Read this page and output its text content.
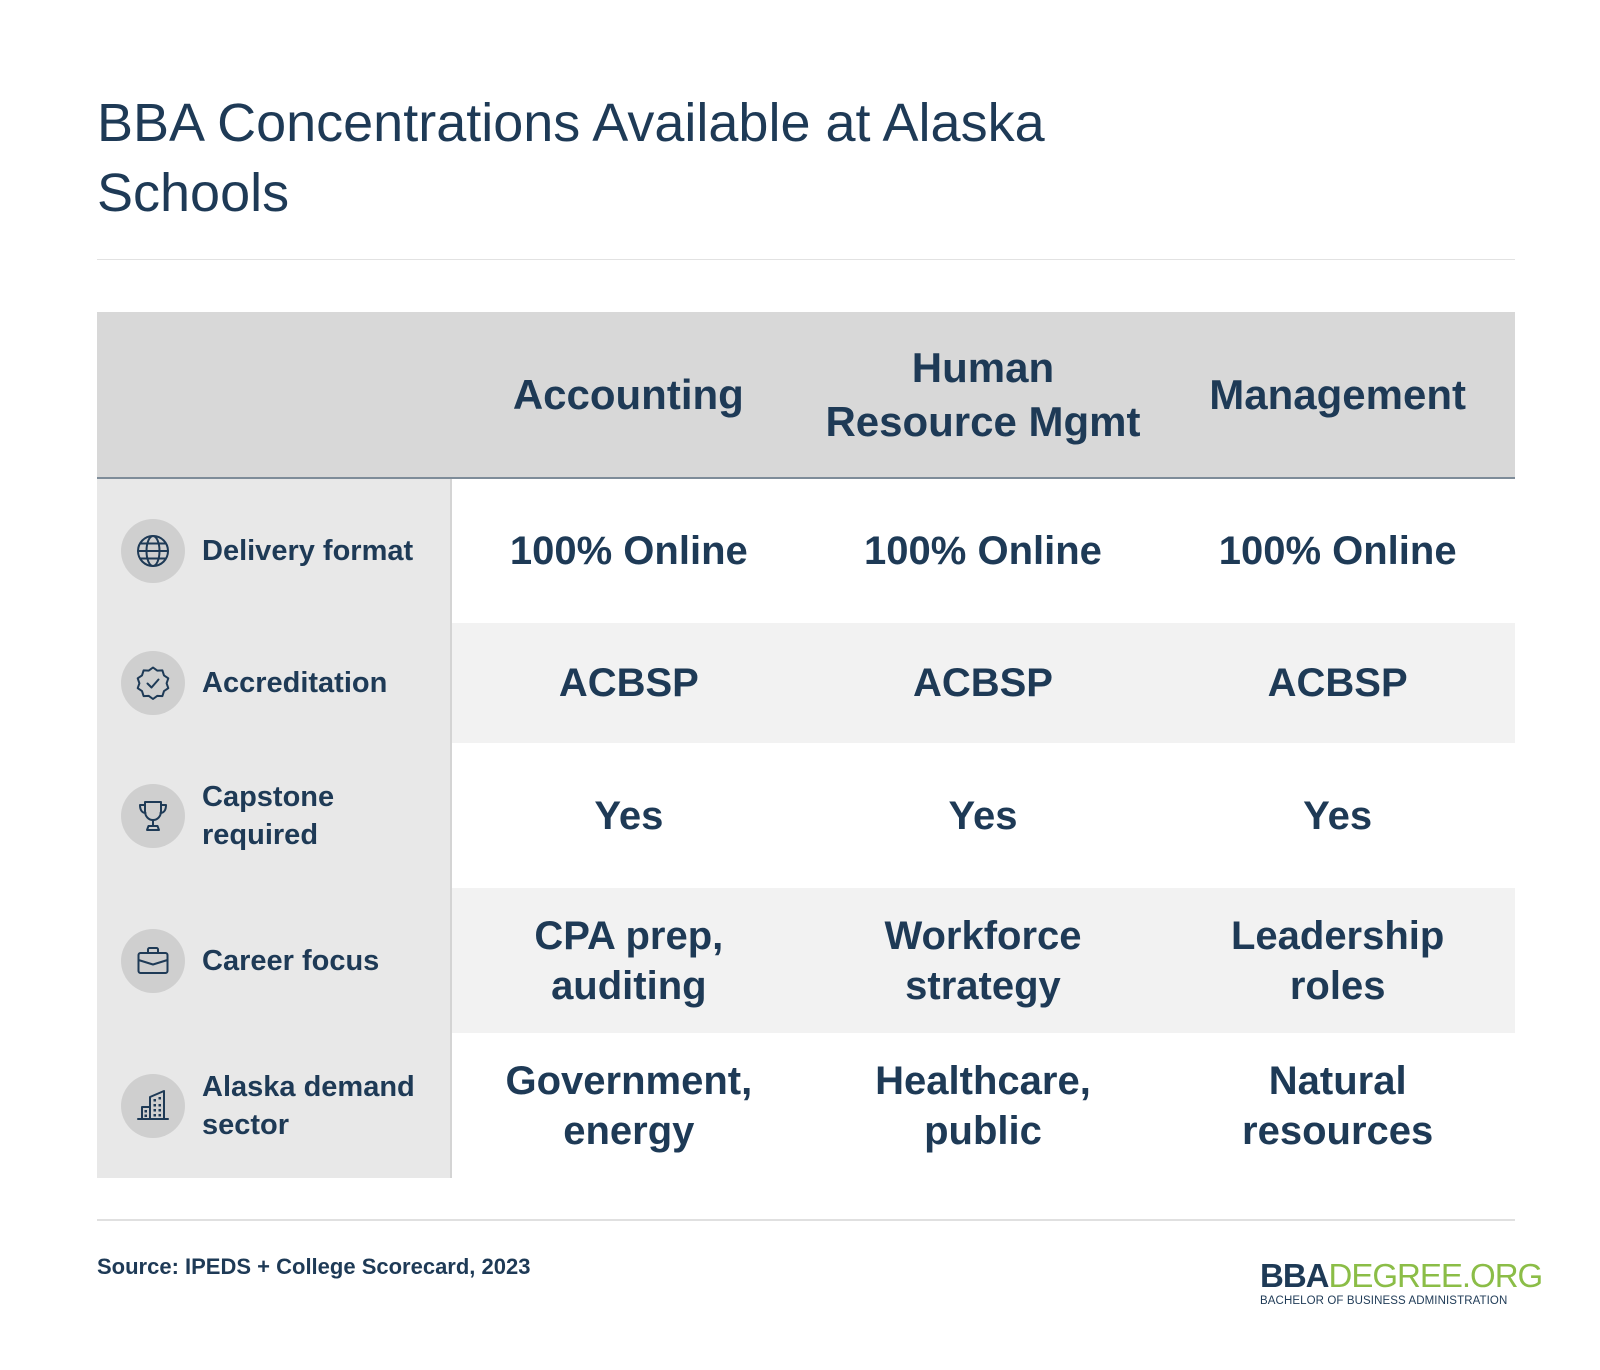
BBA Concentrations Available at Alaska Schools
	Accounting	Human Resource Mgmt	Management

Delivery format	100% Online	100% Online	100% Online

Accreditation	ACBSP	ACBSP	ACBSP

Capstone required	Yes	Yes	Yes

Career focus	CPA prep, auditing	Workforce strategy	Leadership roles

Alaska demand sector	Government, energy	Healthcare, public	Natural resources
Source: IPEDS + College Scorecard, 2023	BBADEGREE.ORG
BACHELOR OF BUSINESS ADMINISTRATION
